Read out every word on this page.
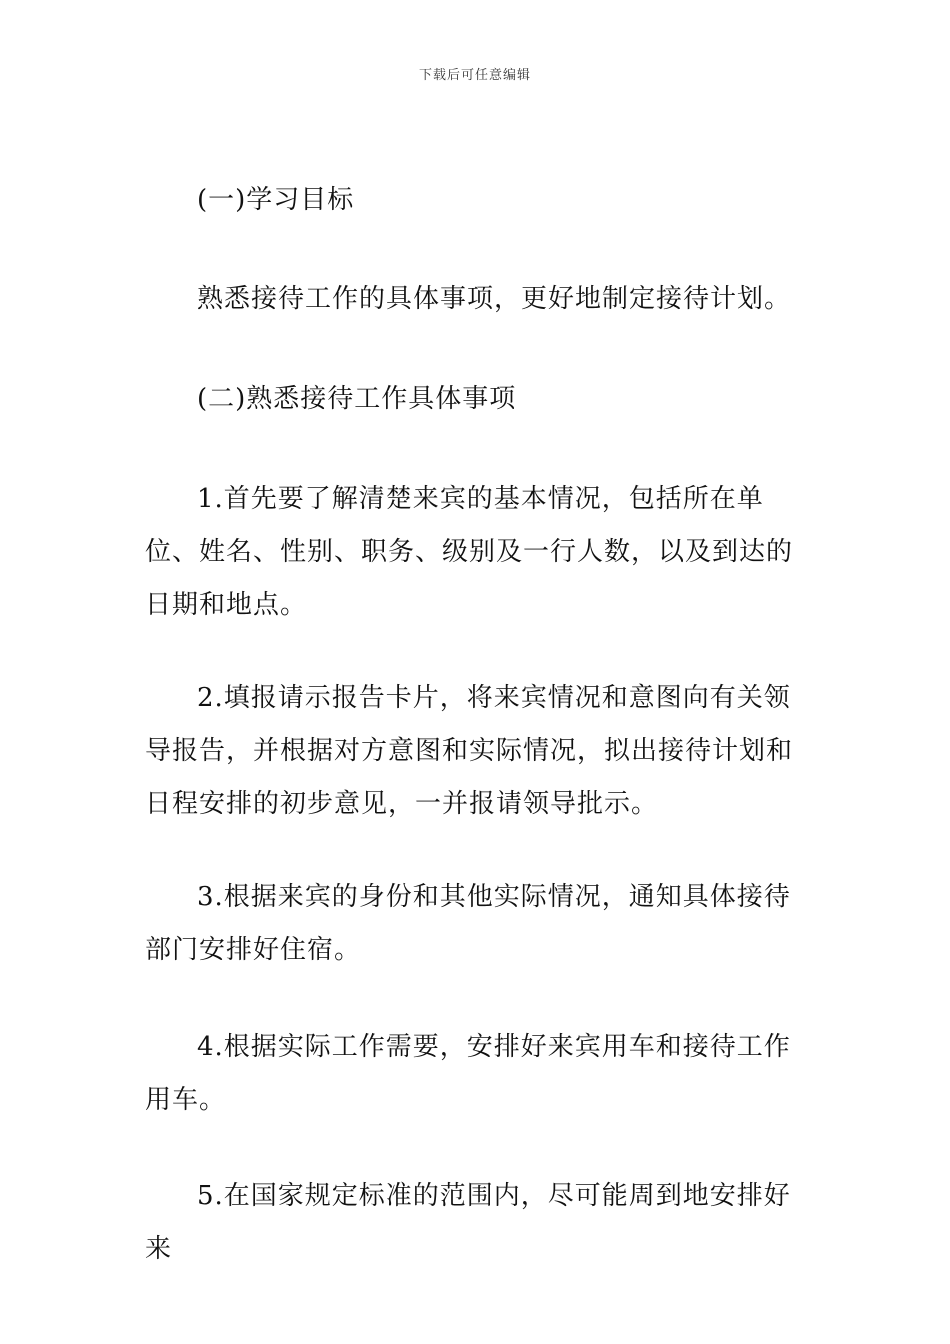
下载后可任意编辑

(一)学习目标

熟悉接待工作的具体事项，更好地制定接待计划。

(二)熟悉接待工作具体事项

1.首先要了解清楚来宾的基本情况，包括所在单位、姓名、性别、职务、级别及一行人数，以及到达的日期和地点。

2.填报请示报告卡片，将来宾情况和意图向有关领导报告，并根据对方意图和实际情况，拟出接待计划和日程安排的初步意见，一并报请领导批示。

3.根据来宾的身份和其他实际情况，通知具体接待部门安排好住宿。

4.根据实际工作需要，安排好来宾用车和接待工作用车。

5.在国家规定标准的范围内，尽可能周到地安排好来
